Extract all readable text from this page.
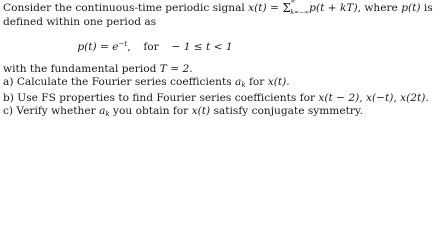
Consider the continuous-time periodic signal x(t) = Σ ∞
k=−∞ p(t + kT), where p(t) is
defined within one period as
$p(t) = e^{-t}$, for − 1 ≤ t < 1
with the fundamental period T = 2.
a) Calculate the Fourier series coefficients $a_k$ for x(t).
b) Use FS properties to find Fourier series coefficients for x(t − 2), x(−t), x(2t).
c) Verify whether $a_k$ you obtain for x(t) satisfy conjugate symmetry.
